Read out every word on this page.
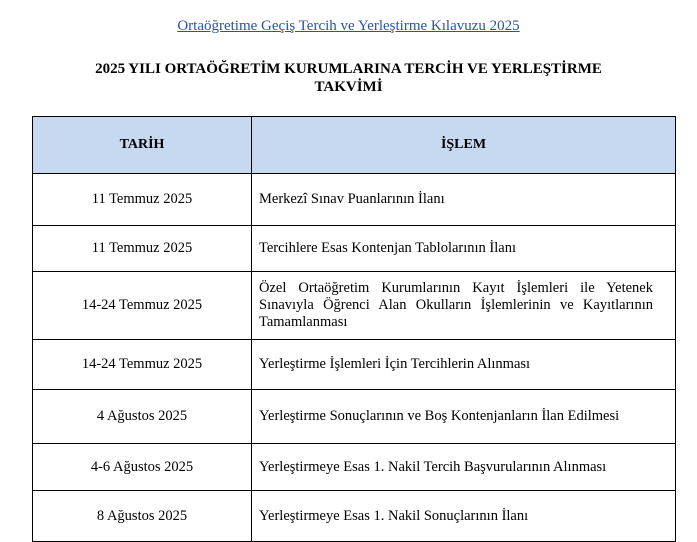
Ortaöğretime Geçiş Tercih ve Yerleştirme Kılavuzu 2025
2025 YILI ORTAÖĞRETİM KURUMLARINA TERCİH VE YERLEŞTİRME
TAKVİMİ
TARİH	İŞLEM
11 Temmuz 2025	Merkezî Sınav Puanlarının İlanı
11 Temmuz 2025	Tercihlere Esas Kontenjan Tablolarının İlanı
14-24 Temmuz 2025	Özel Ortaöğretim Kurumlarının Kayıt İşlemleri ile Yetenek Sınavıyla Öğrenci Alan Okulların İşlemlerinin ve Kayıtlarının Tamamlanması
14-24 Temmuz 2025	Yerleştirme İşlemleri İçin Tercihlerin Alınması
4 Ağustos 2025	Yerleştirme Sonuçlarının ve Boş Kontenjanların İlan Edilmesi
4-6 Ağustos 2025	Yerleştirmeye Esas 1. Nakil Tercih Başvurularının Alınması
8 Ağustos 2025	Yerleştirmeye Esas 1. Nakil Sonuçlarının İlanı
